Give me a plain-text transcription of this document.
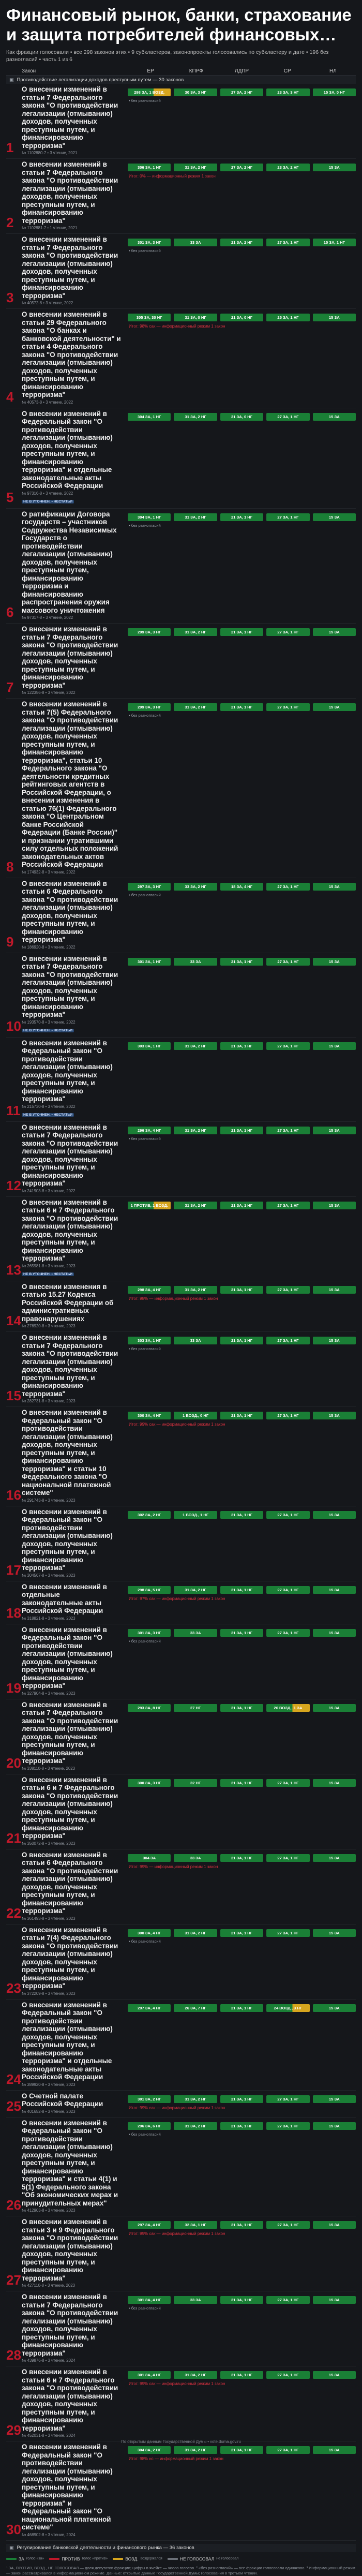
Финансовый рынок, банки, страхование и защита потребителей финансовых…
Как фракции голосовали • все 298 законов этих • 9 субкластеров, законопроекты голосовались по субкластеру и дате • 196 без разногласий • часть 1 из 6
Закон	ЕР	КПРФ	ЛДПР	СР	НЛ
▣ Противодействие легализации доходов преступным путем — 30 законов
1
О внесении изменений в статьи 7 Федерального закона "О противодействии легализации (отмыванию) доходов, полученных преступным путем, и финансированию терроризма"
№ 1102880-7 • 3 чтение, 2021
298 ЗА, 1 ВОЗД.	30 ЗА, 3 НГ	27 ЗА, 2 НГ	23 ЗА, 3 НГ	15 ЗА, 0 НГ
• без разногласий
2
О внесении изменений в статьи 7 Федерального закона "О противодействии легализации (отмыванию) доходов, полученных преступным путем, и финансированию терроризма"
№ 1102881-7 • 1 чтение, 2021
306 ЗА, 1 НГ	31 ЗА, 2 НГ	27 ЗА, 2 НГ	23 ЗА, 2 НГ	15 ЗА
Итог: 0% — информационный режим 1 закон
3
О внесении изменений в статьи 7 Федерального закона "О противодействии легализации (отмыванию) доходов, полученных преступным путем, и финансированию терроризма"
№ 40572-8 • 3 чтение, 2022
301 ЗА, 3 НГ	33 ЗА	21 ЗА, 2 НГ	27 ЗА, 1 НГ	15 ЗА, 1 НГ
• без разногласий
4
О внесении изменений в статьи 29 Федерального закона "О банках и банковской деятельности" и статьи 4 Федерального закона "О противодействии легализации (отмыванию) доходов, полученных преступным путем, и финансированию терроризма"
№ 40573-8 • 3 чтение, 2022
305 ЗА, 30 НГ	31 ЗА, 0 НГ	21 ЗА, 0 НГ	25 ЗА, 1 НГ	15 ЗА
Итог: 98% сак — информационный режим 1 закон
5
О внесении изменений в Федеральный закон "О противодействии легализации (отмыванию) доходов, полученных преступным путем, и финансированию терроризма" и отдельные законодательные акты Российской Федерации
№ 97316-8 • 3 чтение, 2022
НЕ В УТОЧНЕН. • НЕСТАТЬИ
304 ЗА, 1 НГ	31 ЗА, 2 НГ	21 ЗА, 0 НГ	27 ЗА, 1 НГ	15 ЗА
6
О ратификации Договора государств – участников Содружества Независимых Государств о противодействии легализации (отмыванию) доходов, полученных преступным путем, финансированию терроризма и финансированию распространения оружия массового уничтожения
№ 97317-8 • 3 чтение, 2022
304 ЗА, 1 НГ	31 ЗА, 2 НГ	21 ЗА, 1 НГ	27 ЗА, 1 НГ	15 ЗА
• без разногласий
7
О внесении изменений в статьи 7 Федерального закона "О противодействии легализации (отмыванию) доходов, полученных преступным путем, и финансированию терроризма"
№ 122356-8 • 3 чтение, 2022
299 ЗА, 3 НГ	31 ЗА, 2 НГ	21 ЗА, 1 НГ	27 ЗА, 1 НГ	15 ЗА
8
О внесении изменений в статьи 7(5) Федерального закона "О противодействии легализации (отмыванию) доходов, полученных преступным путем, и финансированию терроризма", статьи 10 Федерального закона "О деятельности кредитных рейтинговых агентств в Российской Федерации, о внесении изменения в статью 76(1) Федерального закона "О Центральном банке Российской Федерации (Банке России)" и признании утратившими силу отдельных положений законодательных актов Российской Федерации
№ 174932-8 • 3 чтение, 2022
299 ЗА, 3 НГ	31 ЗА, 2 НГ	21 ЗА, 1 НГ	27 ЗА, 1 НГ	15 ЗА
• без разногласий
9
О внесении изменений в статьи 6 Федерального закона "О противодействии легализации (отмыванию) доходов, полученных преступным путем, и финансированию терроризма"
№ 186920-8 • 3 чтение, 2022
297 ЗА, 3 НГ	33 ЗА, 2 НГ	18 ЗА, 4 НГ	27 ЗА, 1 НГ	15 ЗА
• без разногласий
10
О внесении изменений в статьи 7 Федерального закона "О противодействии легализации (отмыванию) доходов, полученных преступным путем, и финансированию терроризма"
№ 193570-8 • 3 чтение, 2022
НЕ В УТОЧНЕН. • НЕСТАТЬИ
301 ЗА, 1 НГ	33 ЗА	21 ЗА, 1 НГ	27 ЗА, 1 НГ	15 ЗА
11
О внесении изменений в Федеральный закон "О противодействии легализации (отмыванию) доходов, полученных преступным путем, и финансированию терроризма"
№ 215730-8 • 3 чтение, 2022
НЕ В УТОЧНЕН. • НЕСТАТЬИ
303 ЗА, 1 НГ	31 ЗА, 2 НГ	21 ЗА, 1 НГ	27 ЗА, 1 НГ	15 ЗА
12
О внесении изменений в статьи 7 Федерального закона "О противодействии легализации (отмыванию) доходов, полученных преступным путем, и финансированию терроризма"
№ 241903-8 • 3 чтение, 2022
296 ЗА, 4 НГ	31 ЗА, 2 НГ	21 ЗА, 1 НГ	27 ЗА, 1 НГ	15 ЗА
• без разногласий
13
О внесении изменений в статьи 6 и 7 Федерального закона "О противодействии легализации (отмыванию) доходов, полученных преступным путем, и финансированию терроризма"
№ 265981-8 • 3 чтение, 2023
НЕ В УТОЧНЕН. • НЕСТАТЬИ
1 ПРОТИВ, 1 ВОЗД.	31 ЗА, 2 НГ	21 ЗА, 1 НГ	27 ЗА, 1 НГ	15 ЗА
14
О внесении изменения в статью 15.27 Кодекса Российской Федерации об административных правонарушениях
№ 276920-8 • 3 чтение, 2023
298 ЗА, 4 НГ	31 ЗА, 2 НГ	21 ЗА, 1 НГ	27 ЗА, 1 НГ	15 ЗА
Итог: 98% — информационный режим 1 закон
15
О внесении изменений в статьи 7 Федерального закона "О противодействии легализации (отмыванию) доходов, полученных преступным путем, и финансированию терроризма"
№ 282731-8 • 3 чтение, 2023
303 ЗА, 1 НГ	33 ЗА	21 ЗА, 1 НГ	27 ЗА, 1 НГ	15 ЗА
• без разногласий
16
О внесении изменений в Федеральный закон "О противодействии легализации (отмыванию) доходов, полученных преступным путем, и финансированию терроризма" и статьи 10 Федерального закона "О национальной платежной системе"
№ 291743-8 • 3 чтение, 2023
300 ЗА, 4 НГ	1 ВОЗД., 0 НГ	21 ЗА, 1 НГ	27 ЗА, 1 НГ	15 ЗА
Итог: 99% сак — информационный режим 1 закон
17
О внесении изменений в Федеральный закон "О противодействии легализации (отмыванию) доходов, полученных преступным путем, и финансированию терроризма"
№ 304567-8 • 3 чтение, 2023
302 ЗА, 2 НГ	1 ВОЗД., 1 НГ	21 ЗА, 1 НГ	27 ЗА, 1 НГ	15 ЗА
18
О внесении изменений в отдельные законодательные акты Российской Федерации
№ 318821-8 • 3 чтение, 2023
298 ЗА, 5 НГ	31 ЗА, 2 НГ	21 ЗА, 1 НГ	27 ЗА, 1 НГ	15 ЗА
Итог: 97% сак — информационный режим 1 закон
19
О внесении изменений в Федеральный закон "О противодействии легализации (отмыванию) доходов, полученных преступным путем, и финансированию терроризма"
№ 327904-8 • 3 чтение, 2023
301 ЗА, 3 НГ	33 ЗА	21 ЗА, 1 НГ	27 ЗА, 1 НГ	15 ЗА
• без разногласий
20
О внесении изменений в статьи 7 Федерального закона "О противодействии легализации (отмыванию) доходов, полученных преступным путем, и финансированию терроризма"
№ 338110-8 • 3 чтение, 2023
293 ЗА, 8 НГ	27 НГ	21 ЗА, 1 НГ	26 ВОЗД., 1 ЗА	15 ЗА
21
О внесении изменений в статьи 6 и 7 Федерального закона "О противодействии легализации (отмыванию) доходов, полученных преступным путем, и финансированию терроризма"
№ 350072-8 • 3 чтение, 2023
300 ЗА, 3 НГ	32 НГ	21 ЗА, 1 НГ	27 ЗА, 1 НГ	15 ЗА
22
О внесении изменений в статьи 6 Федерального закона "О противодействии легализации (отмыванию) доходов, полученных преступным путем, и финансированию терроризма"
№ 361493-8 • 3 чтение, 2023
304 ЗА	33 ЗА	21 ЗА, 1 НГ	27 ЗА, 1 НГ	15 ЗА
Итог: 99% — информационный режим 1 закон
23
О внесении изменений в статьи 7(4) Федерального закона "О противодействии легализации (отмыванию) доходов, полученных преступным путем, и финансированию терроризма"
№ 372209-8 • 3 чтение, 2023
300 ЗА, 4 НГ	31 ЗА, 2 НГ	21 ЗА, 1 НГ	27 ЗА, 1 НГ	15 ЗА
• без разногласий
24
О внесении изменений в Федеральный закон "О противодействии легализации (отмыванию) доходов, полученных преступным путем, и финансированию терроризма" и отдельные законодательные акты Российской Федерации
№ 389920-8 • 3 чтение, 2023
297 ЗА, 4 НГ	26 ЗА, 7 НГ	21 ЗА, 1 НГ	24 ВОЗД., 3 НГ	15 ЗА
25
О Счетной палате Российской Федерации
№ 401652-8 • 3 чтение, 2023
301 ЗА, 2 НГ	31 ЗА, 2 НГ	21 ЗА, 1 НГ	27 ЗА, 1 НГ	15 ЗА
Итог: 99% сак — информационный режим 1 закон
26
О внесении изменений в Федеральный закон "О противодействии легализации (отмыванию) доходов, полученных преступным путем, и финансированию терроризма" и статьи 4(1) и 5(1) Федерального закона "Об экономических мерах и принудительных мерах"
№ 412903-8 • 3 чтение, 2023
296 ЗА, 6 НГ	31 ЗА, 2 НГ	21 ЗА, 1 НГ	27 ЗА, 1 НГ	15 ЗА
• без разногласий
27
О внесении изменений в статьи 3 и 9 Федерального закона "О противодействии легализации (отмыванию) доходов, полученных преступным путем, и финансированию терроризма"
№ 427110-8 • 3 чтение, 2023
297 ЗА, 4 НГ	32 ЗА, 1 НГ	21 ЗА, 1 НГ	27 ЗА, 1 НГ	15 ЗА
Итог: 99% сак — информационный режим 1 закон
28
О внесении изменений в статьи 7 Федерального закона "О противодействии легализации (отмыванию) доходов, полученных преступным путем, и финансированию терроризма"
№ 439876-8 • 3 чтение, 2024
301 ЗА, 4 НГ	33 ЗА	21 ЗА, 1 НГ	27 ЗА, 1 НГ	15 ЗА
• без разногласий
29
О внесении изменений в статьи 6 и 7 Федерального закона "О противодействии легализации (отмыванию) доходов, полученных преступным путем, и финансированию терроризма"
№ 452031-8 • 3 чтение, 2024
301 ЗА, 4 НГ	31 ЗА, 2 НГ	21 ЗА, 1 НГ	27 ЗА, 1 НГ	15 ЗА
Итог: 99% сак — информационный режим 1 закон
30
О внесении изменений в Федеральный закон "О противодействии легализации (отмыванию) доходов, полученных преступным путем, и финансированию терроризма" и Федеральный закон "О национальной платежной системе"
№ 468902-8 • 3 чтение, 2024
304 ЗА, 2 НГ	31 ЗА, 2 НГ	21 ЗА, 1 НГ	27 ЗА, 1 НГ	15 ЗА
Итог: 98% нс — информационный режим 1 закон
▣ Регулирование банковской деятельности и финансового рынка — 36 законов
ЗА голос «за»	ПРОТИВ голос «против»	ВОЗД. воздержался	НЕ ГОЛОСОВАЛ не голосовал
¹ ЗА, ПРОТИВ, ВОЗД., НЕ ГОЛОСОВАЛ — доля депутатов фракции; цифры в ячейке — число голосов. ² «без разногласий» — все фракции голосовали одинаково. ³ Информационный режим — закон рассматривался в информационном режиме. Данные: открытые данные Государственной Думы; голосования в третьем чтении.
По открытым данным Государственной Думы • vote.duma.gov.ru
